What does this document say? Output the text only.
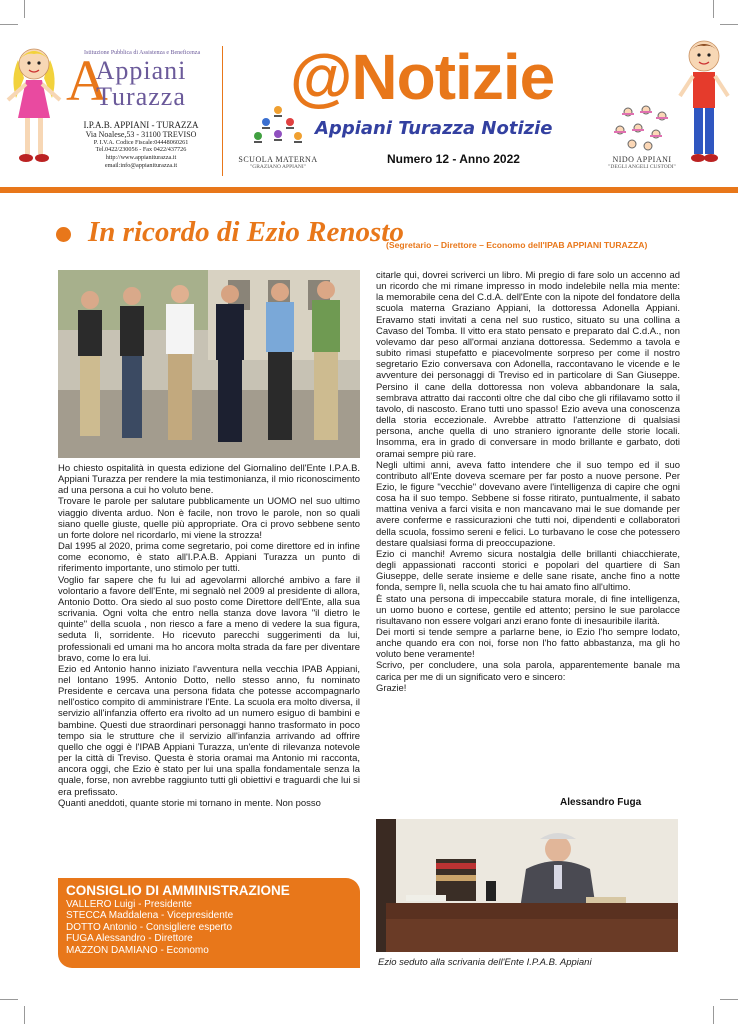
A
Istituzione Pubblica di Assistenza e Beneficenza
Appiani
Turazza
I.P.A.B. APPIANI - TURAZZA
Via Noalese,53 - 31100 TREVISO
P. I.V.A. Codice Fiscale:04448060261
Tel.0422/230056 - Fax 0422/437726
http://www.appianiturazza.it
email:info@appianiturazza.it
SCUOLA MATERNA
"GRAZIANO APPIANI"
@Notizie
Appiani Turazza Notizie
Numero 12 - Anno 2022	NIDO APPIANI
"DEGLI ANGELI CUSTODI"
In ricordo di Ezio Renosto
(Segretario – Direttore – Economo dell'IPAB APPIANI TURAZZA)

Ho chiesto ospitalità in questa edizione del Giornalino dell'Ente I.P.A.B. Appiani Turazza per rendere la mia testimonianza, il mio riconoscimento ad una persona a cui ho voluto bene.

Trovare le parole per salutare pubblicamente un UOMO nel suo ultimo viaggio diventa arduo. Non è facile, non trovo le parole, non so quali siano quelle giuste, quelle più appropriate. Ora ci provo sebbene sento un forte dolore nel ricordarlo, mi viene la strozza!

Dal 1995 al 2020, prima come segretario, poi come direttore ed in infine come economo, è stato all'I.P.A.B. Appiani Turazza un punto di riferimento importante, uno stimolo per tutti.

Voglio far sapere che fu lui ad agevolarmi allorché ambivo a fare il volontario a favore dell'Ente, mi segnalò nel 2009 al presidente di allora, Antonio Dotto. Ora siedo al suo posto come Direttore dell'Ente, alla sua scrivania. Ogni volta che entro nella stanza dove lavora "il dietro le quinte" della scuola , non riesco a fare a meno di vedere la sua figura, seduta lì, sorridente. Ho ricevuto parecchi suggerimenti da lui, professionali ed umani ma ho ancora molta strada da fare per diventare bravo, come lo era lui.

Ezio ed Antonio hanno iniziato l'avventura nella vecchia IPAB Appiani, nel lontano 1995. Antonio Dotto, nello stesso anno, fu nominato Presidente e cercava una persona fidata che potesse accompagnarlo nell'ostico compito di amministrare l'Ente. La scuola era molto diversa, il servizio all'infanzia offerto era rivolto ad un numero esiguo di bambini e bambine. Questi due straordinari personaggi hanno trasformato in poco tempo sia le strutture che il servizio all'infanzia arrivando ad offrire quello che oggi è l'IPAB Appiani Turazza, un'ente di rilevanza notevole per la città di Treviso. Questa è storia oramai ma Antonio mi racconta, ancora oggi, che Ezio è stato per lui una spalla fondamentale senza la quale, forse, non avrebbe raggiunto tutti gli obiettivi e traguardi che lui si era prefissato.

Quanti aneddoti, quante storie mi tornano in mente. Non posso

citarle qui, dovrei scriverci un libro. Mi pregio di fare solo un accenno ad un ricordo che mi rimane impresso in modo indelebile nella mia mente: la memorabile cena del C.d.A. dell'Ente con la nipote del fondatore della scuola materna Graziano Appiani, la dottoressa Adonella Appiani. Eravamo stati invitati a cena nel suo rustico, situato su una collina a Cavaso del Tomba. Il vitto era stato pensato e preparato dal C.d.A., non volevamo dar peso all'ormai anziana dottoressa. Sedemmo a tavola e subito rimasi stupefatto e piacevolmente sorpreso per come il nostro segretario Ezio conversava con Adonella, raccontavano le vicende e le avventure dei personaggi di Treviso ed in particolare di San Giuseppe. Persino il cane della dottoressa non voleva abbandonare la sala, sembrava attratto dai racconti oltre che dal cibo che gli rifilavamo sotto il tavolo, di nascosto. Erano tutti uno spasso! Ezio aveva una conoscenza della storia eccezionale. Avrebbe attratto l'attenzione di qualsiasi persona, anche quella di uno straniero ignorante delle storie locali. Insomma, era in grado di conversare in modo brillante e garbato, doti oramai sempre più rare.

Negli ultimi anni, aveva fatto intendere che il suo tempo ed il suo contributo all'Ente doveva scemare per far posto a nuove persone. Per Ezio, le figure "vecchie" dovevano avere l'intelligenza di capire che ogni cosa ha il suo tempo. Sebbene si fosse ritirato, puntualmente, il sabato mattina veniva a farci visita e non mancavano mai le sue domande per avere conferme e rassicurazioni che tutti noi, dipendenti e collaboratori della scuola, fossimo sereni e felici. Lo turbavano le cose che potessero destare qualsiasi forma di preoccupazione.

Ezio ci manchi! Avremo sicura nostalgia delle brillanti chiacchierate, degli appassionati racconti storici e popolari del quartiere di San Giuseppe, delle serate insieme e delle sane risate, anche fino a notte fonda, sempre lì, nella scuola che tu hai amato fino all'ultimo.

È stato una persona di impeccabile statura morale, di fine intelligenza, un uomo buono e cortese, gentile ed attento; persino le sue parolacce risultavano non essere volgari anzi erano fonte di inesauribile ilarità.

Dei morti si tende sempre a parlarne bene, io Ezio l'ho sempre lodato, anche quando era con noi, forse non l'ho fatto abbastanza, ma gli ho voluto bene veramente!

Scrivo, per concludere, una sola parola, apparentemente banale ma carica per me di un significato vero e sincero:

Grazie!

Alessandro Fuga
Ezio seduto alla scrivania dell'Ente I.P.A.B. Appiani
CONSIGLIO DI AMMINISTRAZIONE
VALLERO Luigi - Presidente
STECCA Maddalena - Vicepresidente
DOTTO Antonio - Consigliere esperto
FUGA Alessandro - Direttore
MAZZON DAMIANO - Economo
